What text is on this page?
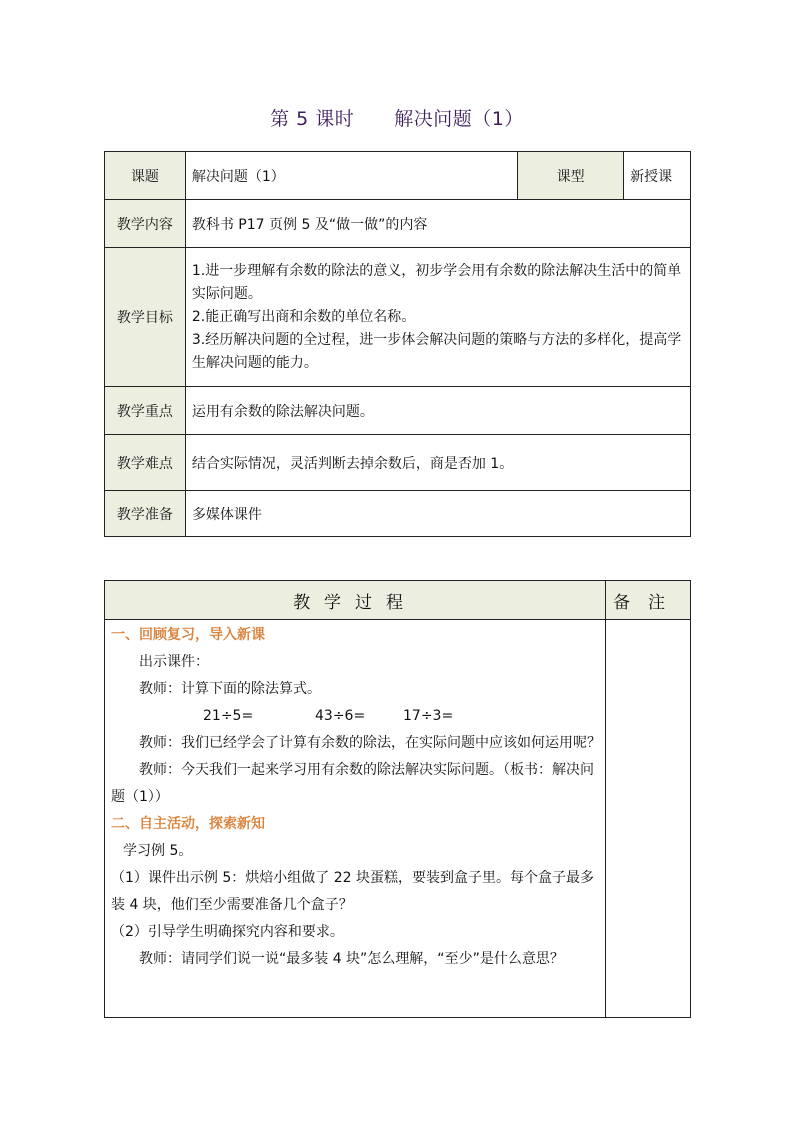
第 5 课时 解决问题（1）
课题	解决问题（1）	课型	新授课
教学内容	教科书 P17 页例 5 及“做一做”的内容		
教学目标	1.进一步理解有余数的除法的意义，初步学会用有余数的除法解决生活中的简单实际问题。
2.能正确写出商和余数的单位名称。
3.经历解决问题的全过程，进一步体会解决问题的策略与方法的多样化，提高学生解决问题的能力。		

教学重点	运用有余数的除法解决问题。		
教学难点	结合实际情况，灵活判断去掉余数后，商是否加 1。		
教学准备	多媒体课件		
教学过程	备注

一、回顾复习，导入新课
出示课件：
教师：计算下面的除法算式。
21÷5=	43÷6=	17÷3=
教师：我们已经学会了计算有余数的除法，在实际问题中应该如何运用呢？
教师：今天我们一起来学习用有余数的除法解决实际问题。（板书：解决问题（1））
二、自主活动，探索新知
学习例 5。
（1）课件出示例 5：烘焙小组做了 22 块蛋糕，要装到盒子里。每个盒子最多装 4 块，他们至少需要准备几个盒子？
（2）引导学生明确探究内容和要求。
教师：请同学们说一说“最多装 4 块”怎么理解，“至少”是什么意思？
